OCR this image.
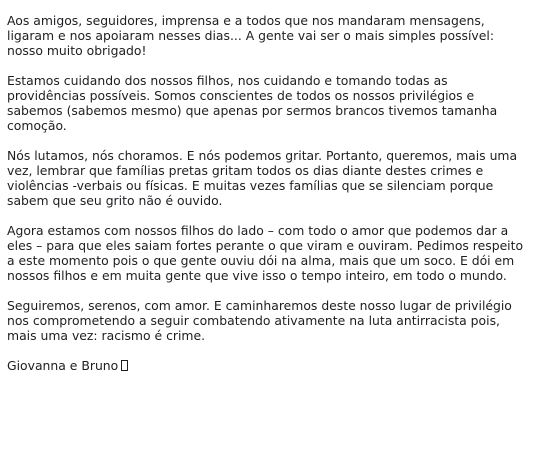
Aos amigos, seguidores, imprensa e a todos que nos mandaram mensagens, ligaram e nos apoiaram nesses dias... A gente vai ser o mais simples possível: nosso muito obrigado!

Estamos cuidando dos nossos filhos, nos cuidando e tomando todas as providências possíveis. Somos conscientes de todos os nossos privilégios e sabemos (sabemos mesmo) que apenas por sermos brancos tivemos tamanha comoção.

Nós lutamos, nós choramos. E nós podemos gritar. Portanto, queremos, mais uma vez, lembrar que famílias pretas gritam todos os dias diante destes crimes e violências -verbais ou físicas. E muitas vezes famílias que se silenciam porque sabem que seu grito não é ouvido.

Agora estamos com nossos filhos do lado – com todo o amor que podemos dar a eles – para que eles saiam fortes perante o que viram e ouviram. Pedimos respeito a este momento pois o que gente ouviu dói na alma, mais que um soco. E dói em nossos filhos e em muita gente que vive isso o tempo inteiro, em todo o mundo.

Seguiremos, serenos, com amor. E caminharemos deste nosso lugar de privilégio nos comprometendo a seguir combatendo ativamente na luta antirracista pois, mais uma vez: racismo é crime.

Giovanna e Bruno
